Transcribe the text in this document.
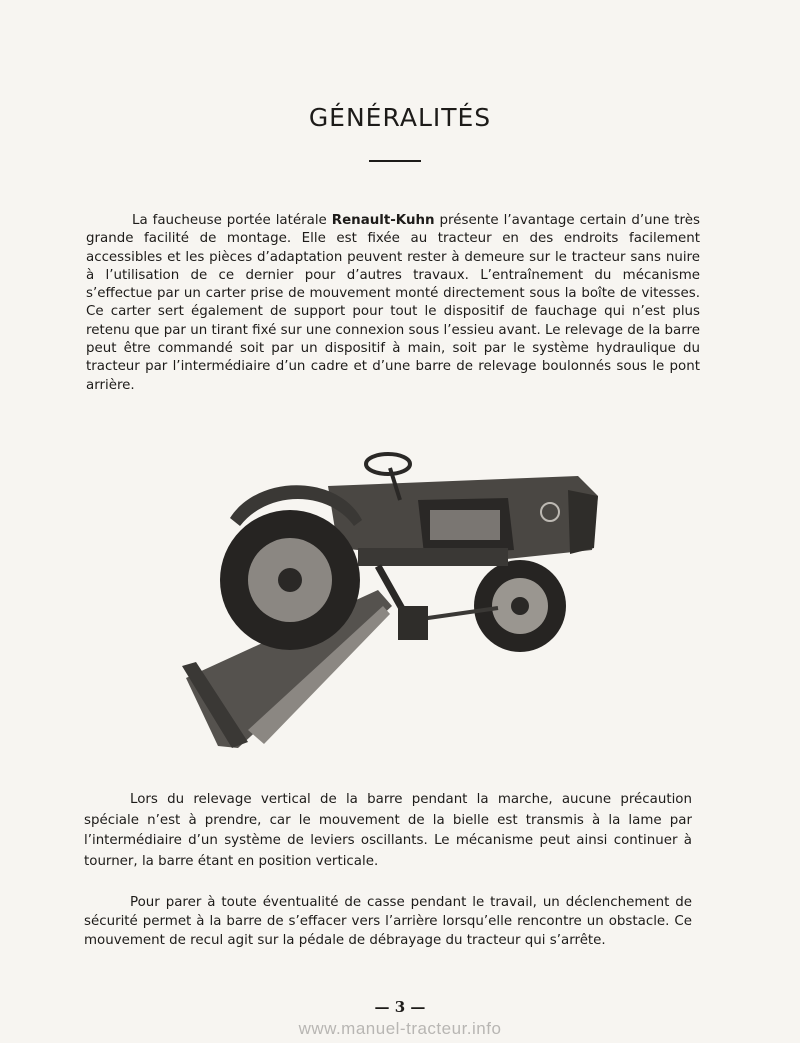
GÉNÉRALITÉS

La faucheuse portée latérale Renault-Kuhn présente l’avantage certain d’une très grande facilité de montage. Elle est fixée au tracteur en des endroits facilement accessibles et les pièces d’adaptation peuvent rester à demeure sur le tracteur sans nuire à l’utilisation de ce dernier pour d’autres travaux. L’entraînement du mécanisme s’effectue par un carter prise de mouvement monté directement sous la boîte de vitesses. Ce carter sert également de support pour tout le dispositif de fauchage qui n’est plus retenu que par un tirant fixé sur une connexion sous l’essieu avant. Le relevage de la barre peut être commandé soit par un dispositif à main, soit par le système hydraulique du tracteur par l’intermédiaire d’un cadre et d’une barre de relevage boulonnés sous le pont arrière.

Lors du relevage vertical de la barre pendant la marche, aucune précaution spéciale n’est à prendre, car le mouvement de la bielle est transmis à la lame par l’intermédiaire d’un système de leviers oscillants. Le mécanisme peut ainsi continuer à tourner, la barre étant en position verticale.

Pour parer à toute éventualité de casse pendant le travail, un déclenchement de sécurité permet à la barre de s’effacer vers l’arrière lorsqu’elle rencontre un obstacle. Ce mouvement de recul agit sur la pédale de débrayage du tracteur qui s’arrête.

— 3 —
www.manuel-tracteur.info
